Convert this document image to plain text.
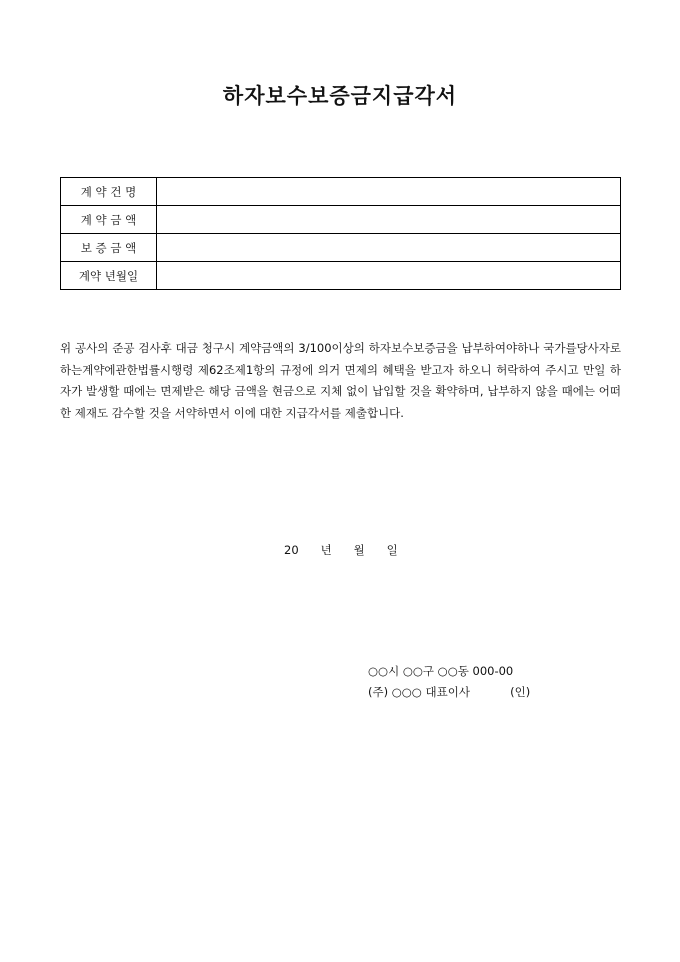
하자보수보증금지급각서
계 약 건 명	
계 약 금 액	
보 증 금 액	
계약 년월일	

위 공사의 준공 검사후 대금 청구시 계약금액의 3/100이상의 하자보수보증금을 납부하여야하나 국가를당사자로하는계약에관한법률시행령 제62조제1항의 규정에 의거 면제의 혜택을 받고자 하오니 허락하여 주시고 만일 하자가 발생할 때에는 면제받은 해당 금액을 현금으로 지체 없이 납입할 것을 확약하며, 납부하지 않을 때에는 어떠한 제재도 감수할 것을 서약하면서 이에 대한 지급각서를 제출합니다.

20 년 월 일
○○시 ○○구 ○○동 000-00
(주) ○○○ 대표이사	(인)
